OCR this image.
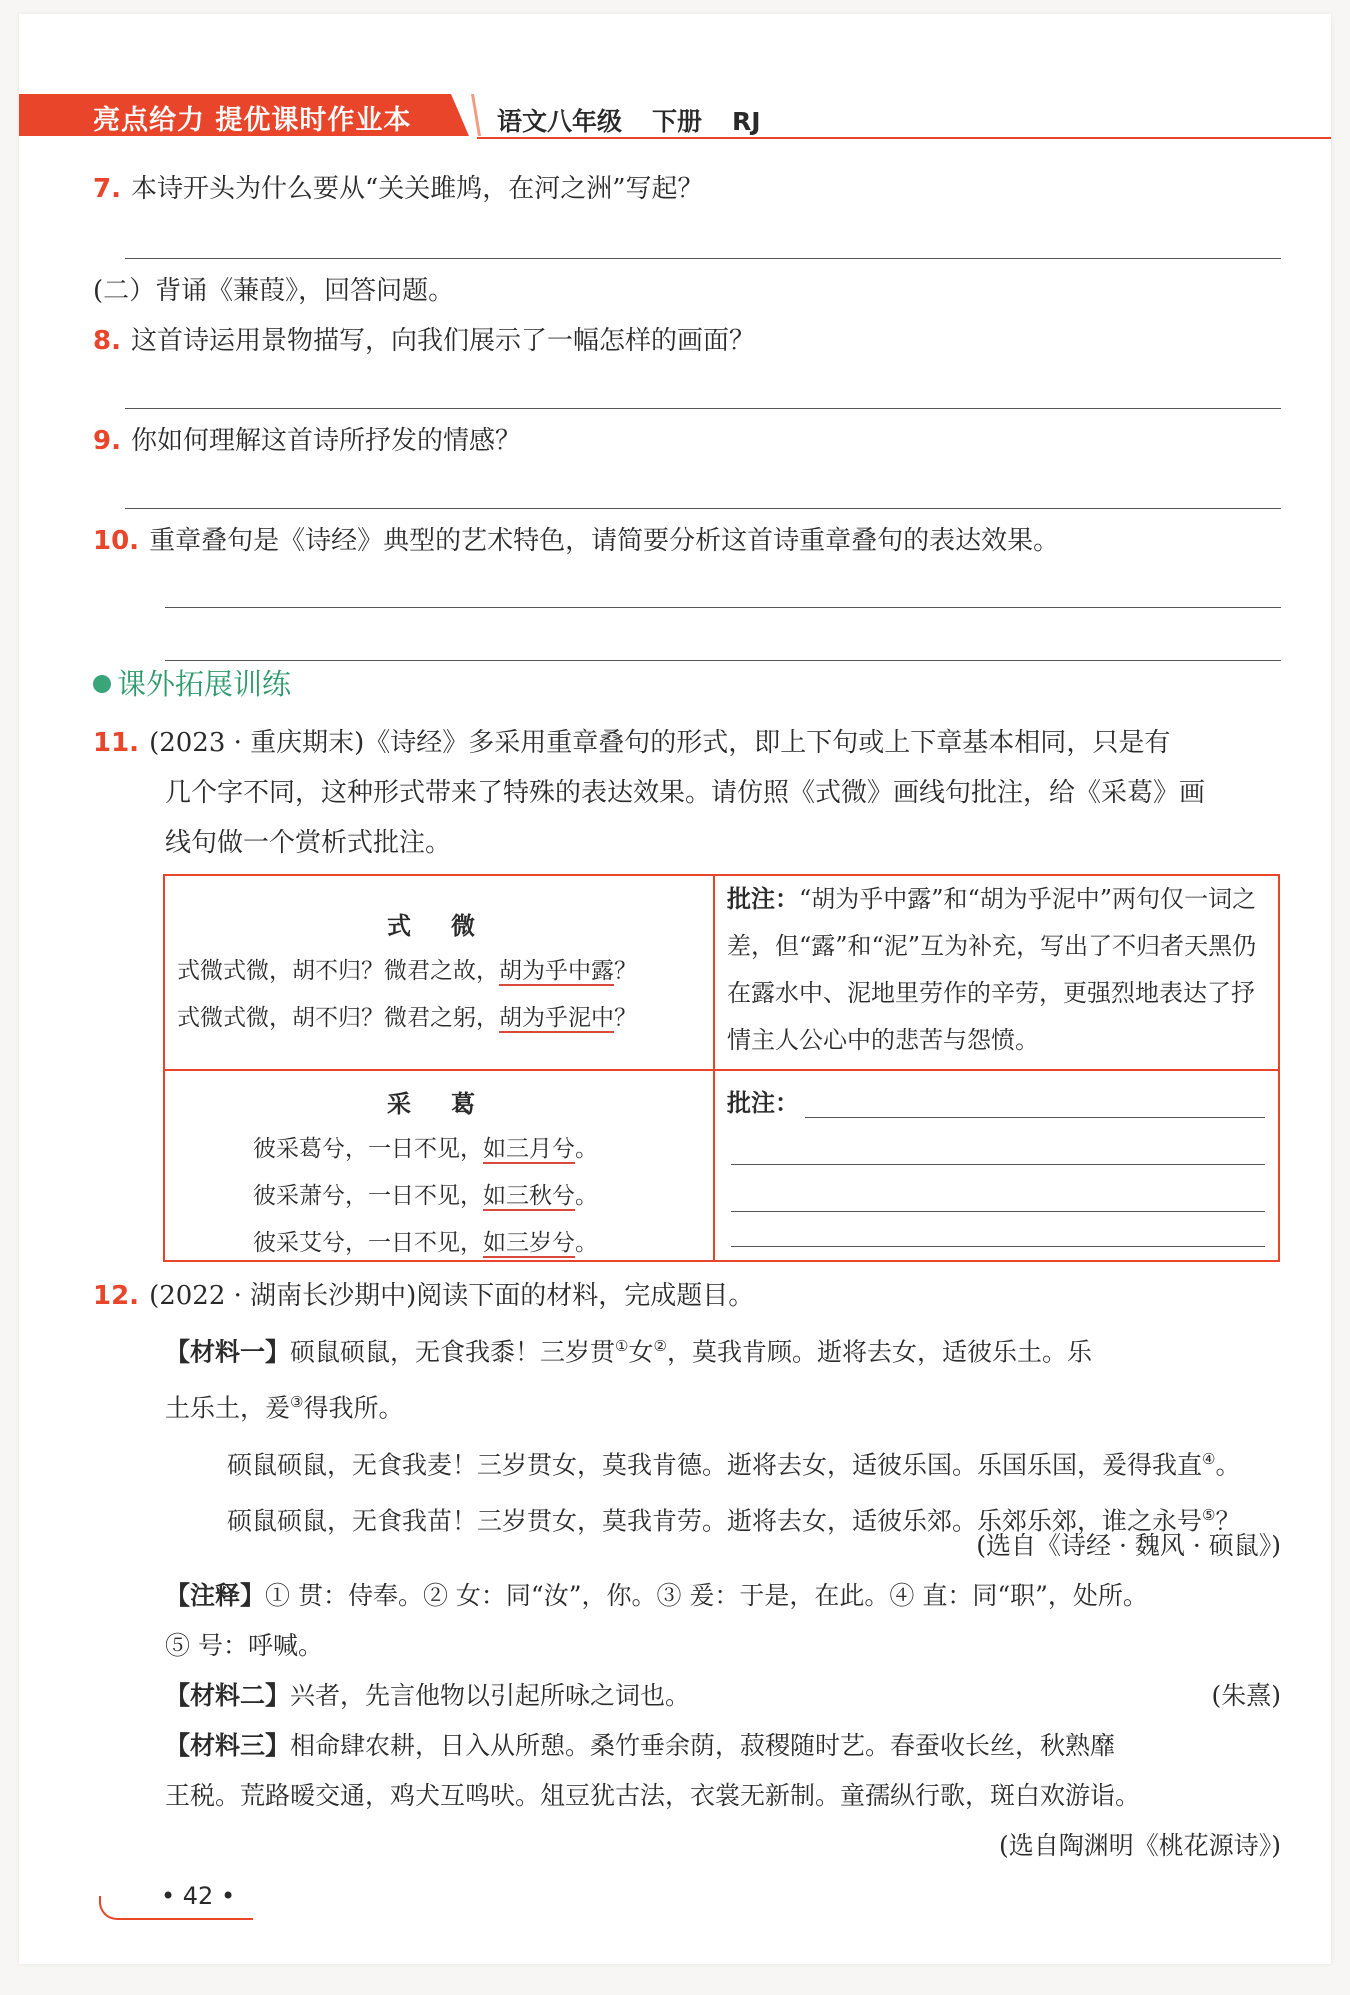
亮点给力 提优课时作业本	语文八年级 下册 RJ
7. 本诗开头为什么要从“关关雎鸠，在河之洲”写起？
(二）背诵《蒹葭》，回答问题。
8. 这首诗运用景物描写，向我们展示了一幅怎样的画面？
9. 你如何理解这首诗所抒发的情感？
10. 重章叠句是《诗经》典型的艺术特色，请简要分析这首诗重章叠句的表达效果。
课外拓展训练
11. (2023 · 重庆期末)《诗经》多采用重章叠句的形式，即上下句或上下章基本相同，只是有
几个字不同，这种形式带来了特殊的表达效果。请仿照《式微》画线句批注，给《采葛》画
线句做一个赏析式批注。
式微
式微式微，胡不归？微君之故，胡为乎中露？
式微式微，胡不归？微君之躬，胡为乎泥中？
批注：“胡为乎中露”和“胡为乎泥中”两句仅一词之差，但“露”和“泥”互为补充，写出了不归者天黑仍在露水中、泥地里劳作的辛劳，更强烈地表达了抒情主人公心中的悲苦与怨愤。
采葛
彼采葛兮，一日不见，如三月兮。
彼采萧兮，一日不见，如三秋兮。
彼采艾兮，一日不见，如三岁兮。
批注：
12. (2022 · 湖南长沙期中)阅读下面的材料，完成题目。
【材料一】硕鼠硕鼠，无食我黍！三岁贯①女②，莫我肯顾。逝将去女，适彼乐土。乐
土乐土，爰③得我所。
硕鼠硕鼠，无食我麦！三岁贯女，莫我肯德。逝将去女，适彼乐国。乐国乐国，爰得我直④。
硕鼠硕鼠，无食我苗！三岁贯女，莫我肯劳。逝将去女，适彼乐郊。乐郊乐郊，谁之永号⑤？
(选自《诗经 · 魏风 · 硕鼠》)
【注释】① 贯：侍奉。② 女：同“汝”，你。③ 爰：于是，在此。④ 直：同“职”，处所。
⑤ 号：呼喊。
【材料二】兴者，先言他物以引起所咏之词也。	(朱熹)
【材料三】相命肆农耕，日入从所憩。桑竹垂余荫，菽稷随时艺。春蚕收长丝，秋熟靡
王税。荒路暧交通，鸡犬互鸣吠。俎豆犹古法，衣裳无新制。童孺纵行歌，斑白欢游诣。
(选自陶渊明《桃花源诗》)
• 42 •
